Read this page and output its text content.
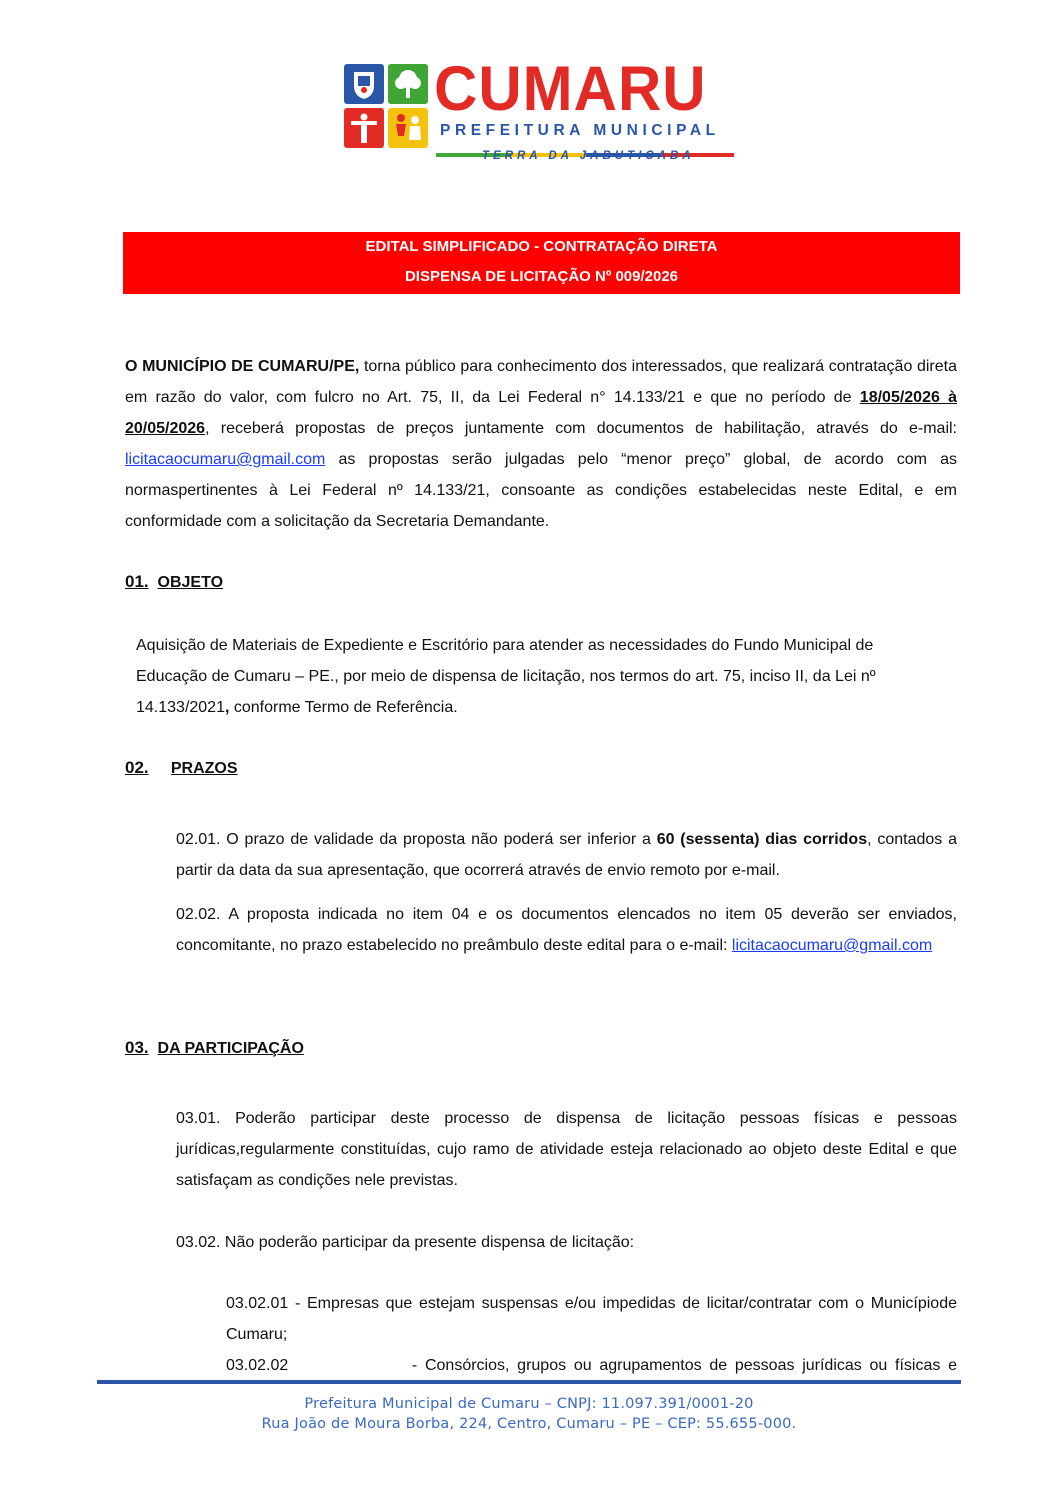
CUMARU
PREFEITURA MUNICIPAL
TERRA DA JABUTICABA
EDITAL SIMPLIFICADO - CONTRATAÇÃO DIRETA
DISPENSA DE LICITAÇÃO Nº 009/2026
O MUNICÍPIO DE CUMARU/PE, torna público para conhecimento dos interessados, que realizará contratação direta em razão do valor, com fulcro no Art. 75, II, da Lei Federal n° 14.133/21 e que no período de 18/05/2026 à 20/05/2026, receberá propostas de preços juntamente com documentos de habilitação, através do e-mail: licitacaocumaru@gmail.com as propostas serão julgadas pelo “menor preço” global, de acordo com as normaspertinentes à Lei Federal nº 14.133/21, consoante as condições estabelecidas neste Edital, e em conformidade com a solicitação da Secretaria Demandante.
01. OBJETO
Aquisição de Materiais de Expediente e Escritório para atender as necessidades do Fundo Municipal de Educação de Cumaru – PE., por meio de dispensa de licitação, nos termos do art. 75, inciso II, da Lei nº 14.133/2021, conforme Termo de Referência.
02. PRAZOS
02.01. O prazo de validade da proposta não poderá ser inferior a 60 (sessenta) dias corridos, contados a partir da data da sua apresentação, que ocorrerá através de envio remoto por e-mail.
02.02. A proposta indicada no item 04 e os documentos elencados no item 05 deverão ser enviados, concomitante, no prazo estabelecido no preâmbulo deste edital para o e-mail: licitacaocumaru@gmail.com
03. DA PARTICIPAÇÃO
03.01. Poderão participar deste processo de dispensa de licitação pessoas físicas e pessoas jurídicas,regularmente constituídas, cujo ramo de atividade esteja relacionado ao objeto deste Edital e que satisfaçam as condições nele previstas.
03.02. Não poderão participar da presente dispensa de licitação:
03.02.01 - Empresas que estejam suspensas e/ou impedidas de licitar/contratar com o Municípiode Cumaru;
03.02.02	- Consórcios, grupos ou agrupamentos de pessoas jurídicas ou físicas e
Prefeitura Municipal de Cumaru – CNPJ: 11.097.391/0001-20
Rua João de Moura Borba, 224, Centro, Cumaru – PE – CEP: 55.655-000.
